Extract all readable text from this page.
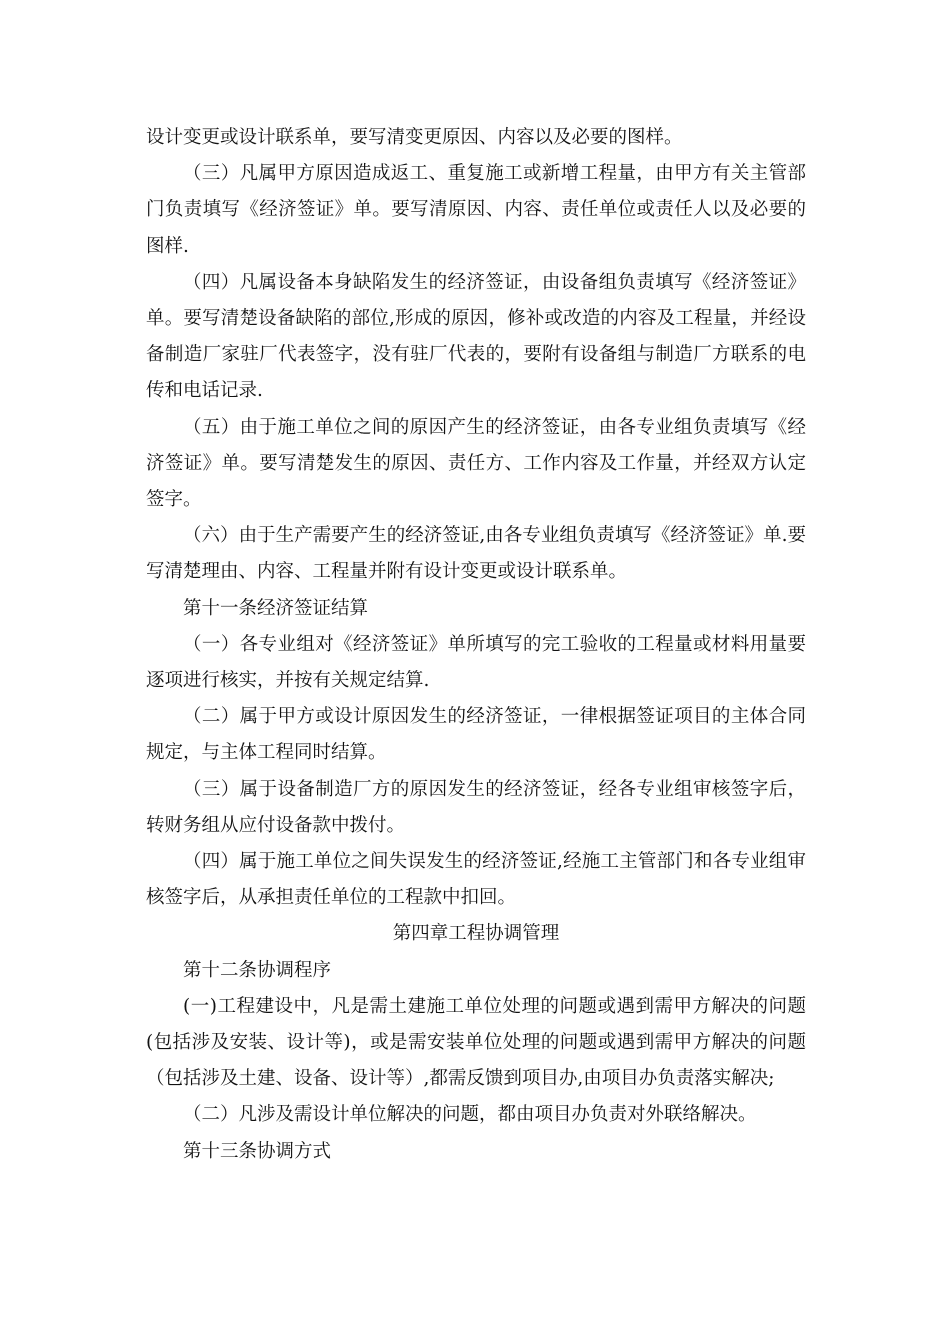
设计变更或设计联系单，要写清变更原因、内容以及必要的图样。

（三）凡属甲方原因造成返工、重复施工或新增工程量，由甲方有关主管部门负责填写《经济签证》单。要写清原因、内容、责任单位或责任人以及必要的图样.

（四）凡属设备本身缺陷发生的经济签证，由设备组负责填写《经济签证》单。要写清楚设备缺陷的部位,形成的原因，修补或改造的内容及工程量，并经设备制造厂家驻厂代表签字，没有驻厂代表的，要附有设备组与制造厂方联系的电传和电话记录.

（五）由于施工单位之间的原因产生的经济签证，由各专业组负责填写《经济签证》单。要写清楚发生的原因、责任方、工作内容及工作量，并经双方认定签字。

（六）由于生产需要产生的经济签证,由各专业组负责填写《经济签证》单.要写清楚理由、内容、工程量并附有设计变更或设计联系单。

第十一条经济签证结算

（一）各专业组对《经济签证》单所填写的完工验收的工程量或材料用量要逐项进行核实，并按有关规定结算.

（二）属于甲方或设计原因发生的经济签证，一律根据签证项目的主体合同规定，与主体工程同时结算。

（三）属于设备制造厂方的原因发生的经济签证，经各专业组审核签字后，转财务组从应付设备款中拨付。

（四）属于施工单位之间失误发生的经济签证,经施工主管部门和各专业组审核签字后，从承担责任单位的工程款中扣回。

第四章工程协调管理

第十二条协调程序

(一)工程建设中，凡是需土建施工单位处理的问题或遇到需甲方解决的问题(包括涉及安装、设计等)，或是需安装单位处理的问题或遇到需甲方解决的问题（包括涉及土建、设备、设计等）,都需反馈到项目办,由项目办负责落实解决;

（二）凡涉及需设计单位解决的问题，都由项目办负责对外联络解决。

第十三条协调方式
